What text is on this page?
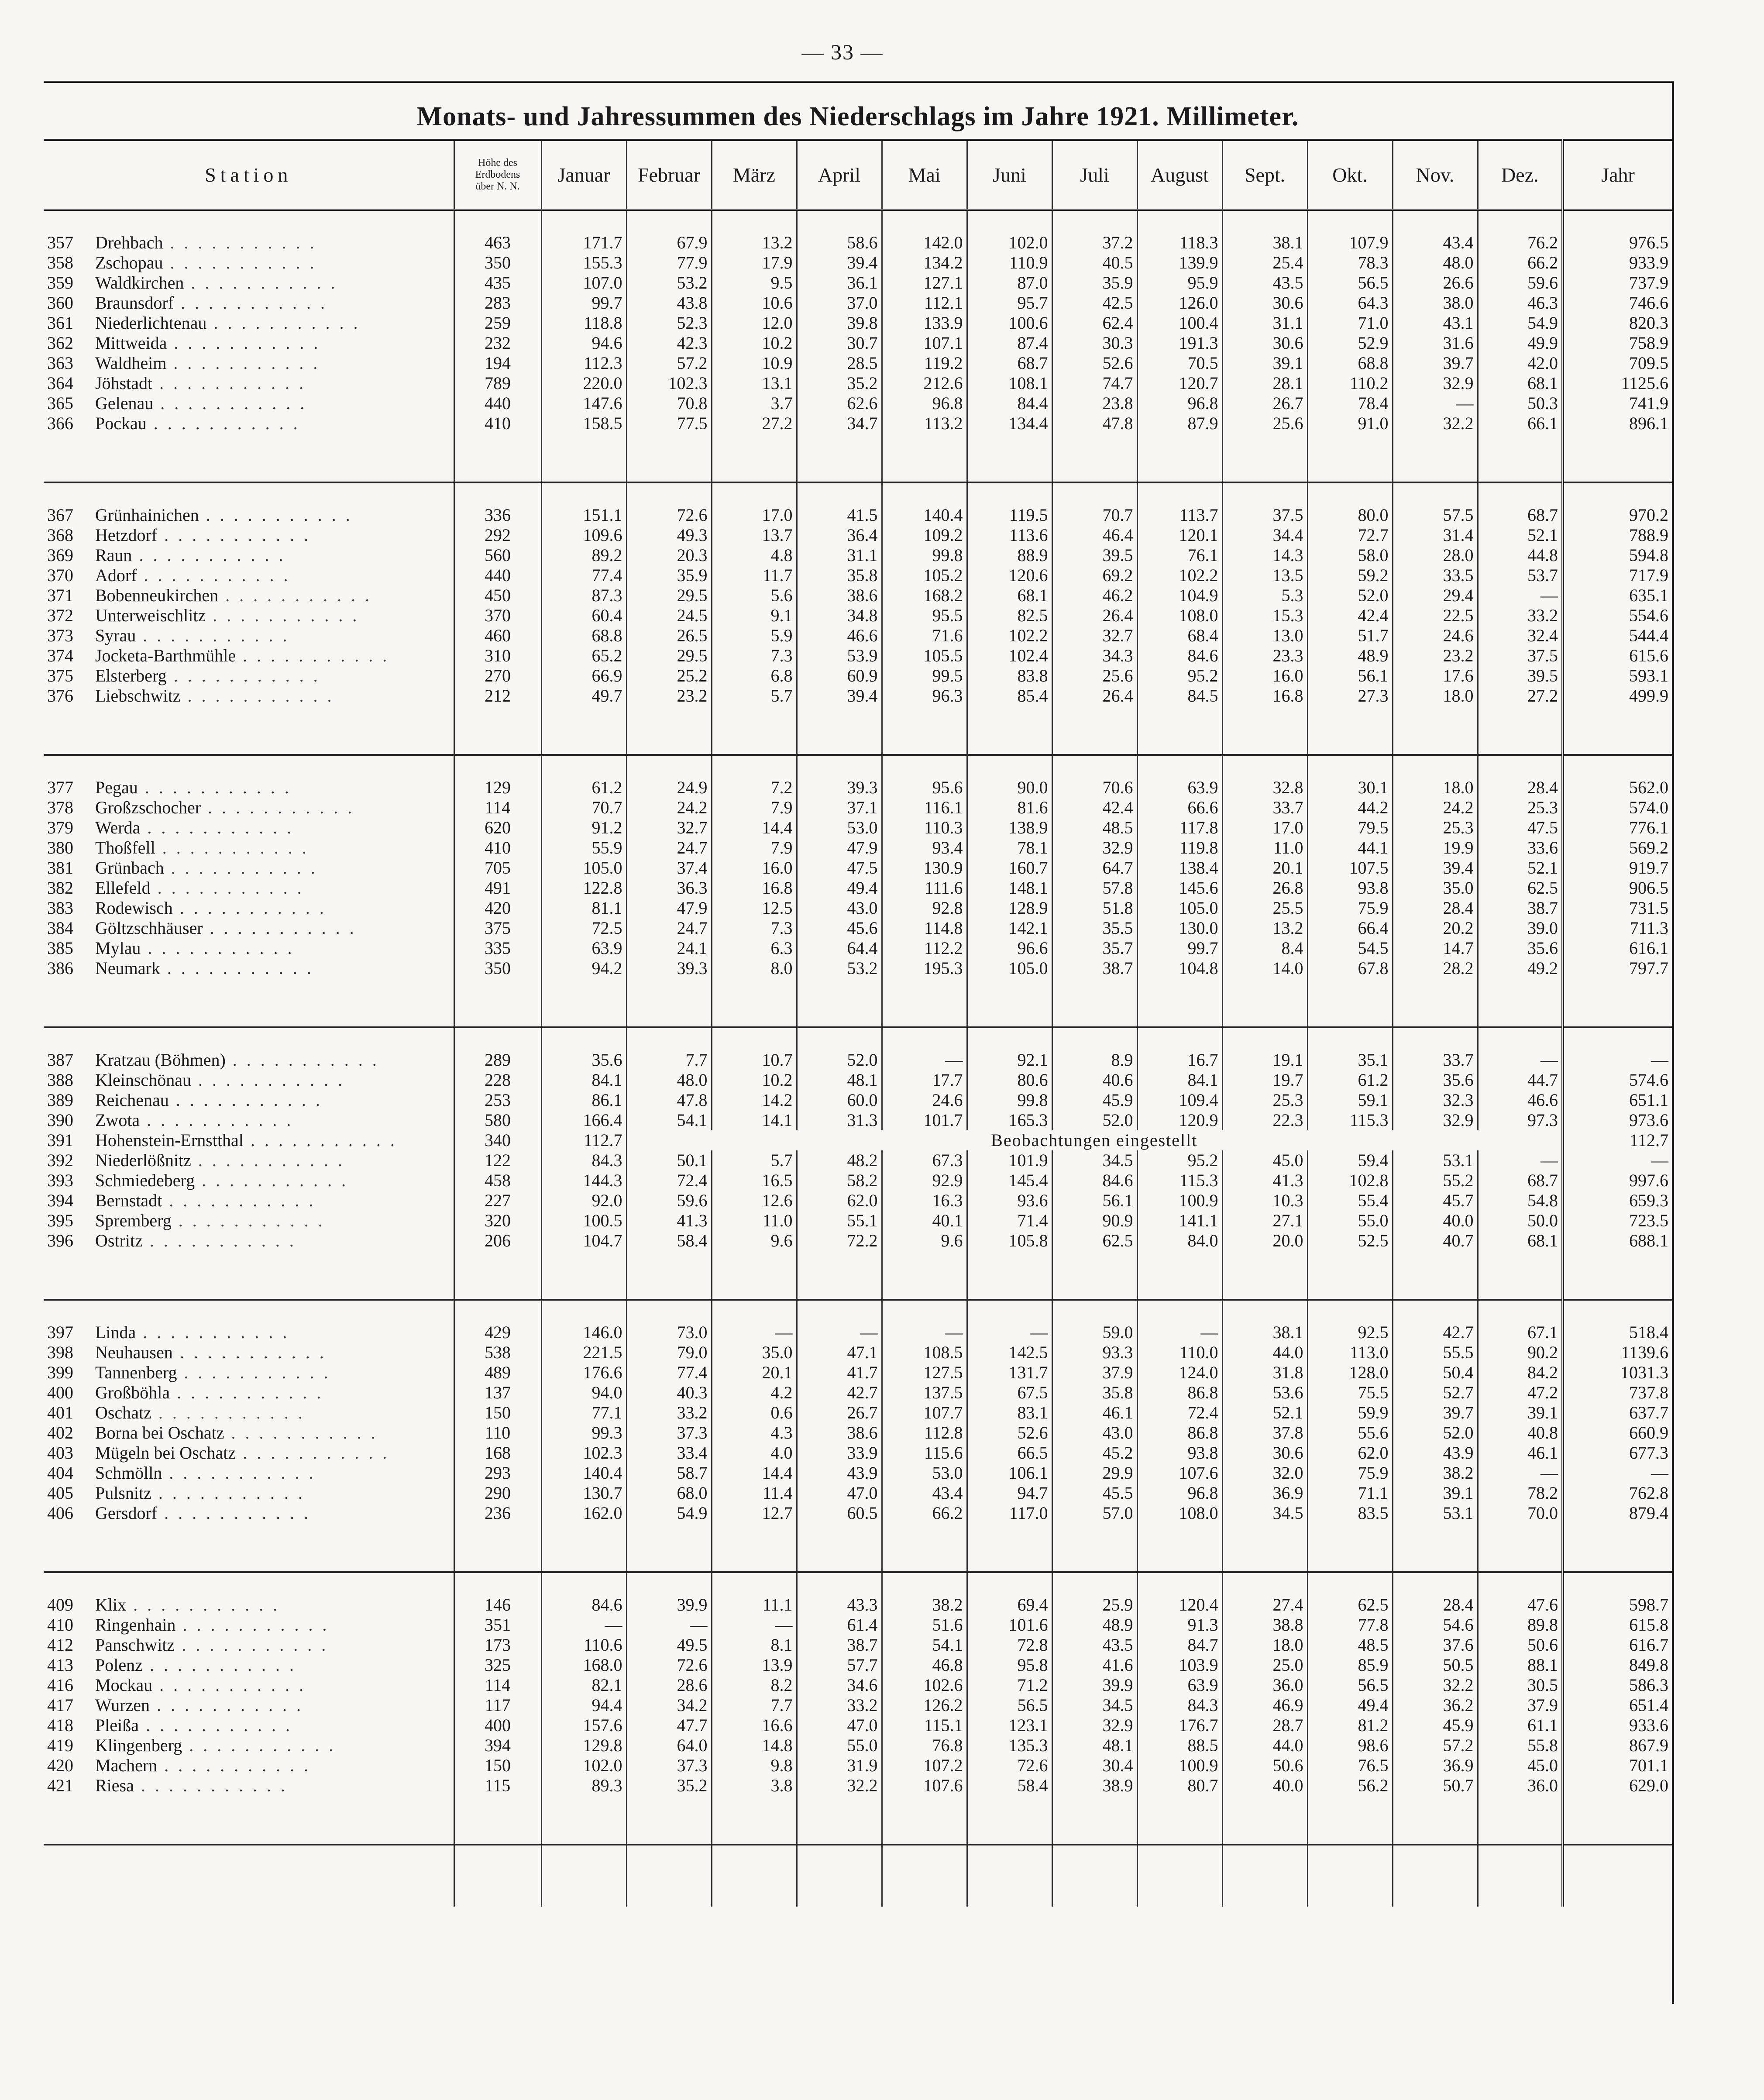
— 33 —
Monats- und Jahressummen des Niederschlags im Jahre 1921. Millimeter.
Station	Höhe des
Erdbodens
über N. N.	Januar	Februar	März	April	Mai	Juni	Juli	August	Sept.	Okt.	Nov.	Dez.	Jahr

357 Drehbach . . . . . . . . . . .	463	171.7	67.9	13.2	58.6	142.0	102.0	37.2	118.3	38.1	107.9	43.4	76.2	976.5
358 Zschopau . . . . . . . . . . .	350	155.3	77.9	17.9	39.4	134.2	110.9	40.5	139.9	25.4	78.3	48.0	66.2	933.9
359 Waldkirchen . . . . . . . . . . .	435	107.0	53.2	9.5	36.1	127.1	87.0	35.9	95.9	43.5	56.5	26.6	59.6	737.9
360 Braunsdorf . . . . . . . . . . .	283	99.7	43.8	10.6	37.0	112.1	95.7	42.5	126.0	30.6	64.3	38.0	46.3	746.6
361 Niederlichtenau . . . . . . . . . . .	259	118.8	52.3	12.0	39.8	133.9	100.6	62.4	100.4	31.1	71.0	43.1	54.9	820.3
362 Mittweida . . . . . . . . . . .	232	94.6	42.3	10.2	30.7	107.1	87.4	30.3	191.3	30.6	52.9	31.6	49.9	758.9
363 Waldheim . . . . . . . . . . .	194	112.3	57.2	10.9	28.5	119.2	68.7	52.6	70.5	39.1	68.8	39.7	42.0	709.5
364 Jöhstadt . . . . . . . . . . .	789	220.0	102.3	13.1	35.2	212.6	108.1	74.7	120.7	28.1	110.2	32.9	68.1	1125.6
365 Gelenau . . . . . . . . . . .	440	147.6	70.8	3.7	62.6	96.8	84.4	23.8	96.8	26.7	78.4	—	50.3	741.9
366 Pockau . . . . . . . . . . .	410	158.5	77.5	27.2	34.7	113.2	134.4	47.8	87.9	25.6	91.0	32.2	66.1	896.1

367 Grünhainichen . . . . . . . . . . .	336	151.1	72.6	17.0	41.5	140.4	119.5	70.7	113.7	37.5	80.0	57.5	68.7	970.2
368 Hetzdorf . . . . . . . . . . .	292	109.6	49.3	13.7	36.4	109.2	113.6	46.4	120.1	34.4	72.7	31.4	52.1	788.9
369 Raun . . . . . . . . . . .	560	89.2	20.3	4.8	31.1	99.8	88.9	39.5	76.1	14.3	58.0	28.0	44.8	594.8
370 Adorf . . . . . . . . . . .	440	77.4	35.9	11.7	35.8	105.2	120.6	69.2	102.2	13.5	59.2	33.5	53.7	717.9
371 Bobenneukirchen . . . . . . . . . . .	450	87.3	29.5	5.6	38.6	168.2	68.1	46.2	104.9	5.3	52.0	29.4	—	635.1
372 Unterweischlitz . . . . . . . . . . .	370	60.4	24.5	9.1	34.8	95.5	82.5	26.4	108.0	15.3	42.4	22.5	33.2	554.6
373 Syrau . . . . . . . . . . .	460	68.8	26.5	5.9	46.6	71.6	102.2	32.7	68.4	13.0	51.7	24.6	32.4	544.4
374 Jocketa-Barthmühle . . . . . . . . . . .	310	65.2	29.5	7.3	53.9	105.5	102.4	34.3	84.6	23.3	48.9	23.2	37.5	615.6
375 Elsterberg . . . . . . . . . . .	270	66.9	25.2	6.8	60.9	99.5	83.8	25.6	95.2	16.0	56.1	17.6	39.5	593.1
376 Liebschwitz . . . . . . . . . . .	212	49.7	23.2	5.7	39.4	96.3	85.4	26.4	84.5	16.8	27.3	18.0	27.2	499.9

377 Pegau . . . . . . . . . . .	129	61.2	24.9	7.2	39.3	95.6	90.0	70.6	63.9	32.8	30.1	18.0	28.4	562.0
378 Großzschocher . . . . . . . . . . .	114	70.7	24.2	7.9	37.1	116.1	81.6	42.4	66.6	33.7	44.2	24.2	25.3	574.0
379 Werda . . . . . . . . . . .	620	91.2	32.7	14.4	53.0	110.3	138.9	48.5	117.8	17.0	79.5	25.3	47.5	776.1
380 Thoßfell . . . . . . . . . . .	410	55.9	24.7	7.9	47.9	93.4	78.1	32.9	119.8	11.0	44.1	19.9	33.6	569.2
381 Grünbach . . . . . . . . . . .	705	105.0	37.4	16.0	47.5	130.9	160.7	64.7	138.4	20.1	107.5	39.4	52.1	919.7
382 Ellefeld . . . . . . . . . . .	491	122.8	36.3	16.8	49.4	111.6	148.1	57.8	145.6	26.8	93.8	35.0	62.5	906.5
383 Rodewisch . . . . . . . . . . .	420	81.1	47.9	12.5	43.0	92.8	128.9	51.8	105.0	25.5	75.9	28.4	38.7	731.5
384 Göltzschhäuser . . . . . . . . . . .	375	72.5	24.7	7.3	45.6	114.8	142.1	35.5	130.0	13.2	66.4	20.2	39.0	711.3
385 Mylau . . . . . . . . . . .	335	63.9	24.1	6.3	64.4	112.2	96.6	35.7	99.7	8.4	54.5	14.7	35.6	616.1
386 Neumark . . . . . . . . . . .	350	94.2	39.3	8.0	53.2	195.3	105.0	38.7	104.8	14.0	67.8	28.2	49.2	797.7

387 Kratzau (Böhmen) . . . . . . . . . . .	289	35.6	7.7	10.7	52.0	—	92.1	8.9	16.7	19.1	35.1	33.7	—	—
388 Kleinschönau . . . . . . . . . . .	228	84.1	48.0	10.2	48.1	17.7	80.6	40.6	84.1	19.7	61.2	35.6	44.7	574.6
389 Reichenau . . . . . . . . . . .	253	86.1	47.8	14.2	60.0	24.6	99.8	45.9	109.4	25.3	59.1	32.3	46.6	651.1
390 Zwota . . . . . . . . . . .	580	166.4	54.1	14.1	31.3	101.7	165.3	52.0	120.9	22.3	115.3	32.9	97.3	973.6
391 Hohenstein-Ernstthal . . . . . . . . . . .	340	112.7	Beobachtungen eingestellt											112.7
392 Niederlößnitz . . . . . . . . . . .	122	84.3	50.1	5.7	48.2	67.3	101.9	34.5	95.2	45.0	59.4	53.1	—	—
393 Schmiedeberg . . . . . . . . . . .	458	144.3	72.4	16.5	58.2	92.9	145.4	84.6	115.3	41.3	102.8	55.2	68.7	997.6
394 Bernstadt . . . . . . . . . . .	227	92.0	59.6	12.6	62.0	16.3	93.6	56.1	100.9	10.3	55.4	45.7	54.8	659.3
395 Spremberg . . . . . . . . . . .	320	100.5	41.3	11.0	55.1	40.1	71.4	90.9	141.1	27.1	55.0	40.0	50.0	723.5
396 Ostritz . . . . . . . . . . .	206	104.7	58.4	9.6	72.2	9.6	105.8	62.5	84.0	20.0	52.5	40.7	68.1	688.1

397 Linda . . . . . . . . . . .	429	146.0	73.0	—	—	—	—	59.0	—	38.1	92.5	42.7	67.1	518.4
398 Neuhausen . . . . . . . . . . .	538	221.5	79.0	35.0	47.1	108.5	142.5	93.3	110.0	44.0	113.0	55.5	90.2	1139.6
399 Tannenberg . . . . . . . . . . .	489	176.6	77.4	20.1	41.7	127.5	131.7	37.9	124.0	31.8	128.0	50.4	84.2	1031.3
400 Großböhla . . . . . . . . . . .	137	94.0	40.3	4.2	42.7	137.5	67.5	35.8	86.8	53.6	75.5	52.7	47.2	737.8
401 Oschatz . . . . . . . . . . .	150	77.1	33.2	0.6	26.7	107.7	83.1	46.1	72.4	52.1	59.9	39.7	39.1	637.7
402 Borna bei Oschatz . . . . . . . . . . .	110	99.3	37.3	4.3	38.6	112.8	52.6	43.0	86.8	37.8	55.6	52.0	40.8	660.9
403 Mügeln bei Oschatz . . . . . . . . . . .	168	102.3	33.4	4.0	33.9	115.6	66.5	45.2	93.8	30.6	62.0	43.9	46.1	677.3
404 Schmölln . . . . . . . . . . .	293	140.4	58.7	14.4	43.9	53.0	106.1	29.9	107.6	32.0	75.9	38.2	—	—
405 Pulsnitz . . . . . . . . . . .	290	130.7	68.0	11.4	47.0	43.4	94.7	45.5	96.8	36.9	71.1	39.1	78.2	762.8
406 Gersdorf . . . . . . . . . . .	236	162.0	54.9	12.7	60.5	66.2	117.0	57.0	108.0	34.5	83.5	53.1	70.0	879.4

409 Klix . . . . . . . . . . .	146	84.6	39.9	11.1	43.3	38.2	69.4	25.9	120.4	27.4	62.5	28.4	47.6	598.7
410 Ringenhain . . . . . . . . . . .	351	—	—	—	61.4	51.6	101.6	48.9	91.3	38.8	77.8	54.6	89.8	615.8
412 Panschwitz . . . . . . . . . . .	173	110.6	49.5	8.1	38.7	54.1	72.8	43.5	84.7	18.0	48.5	37.6	50.6	616.7
413 Polenz . . . . . . . . . . .	325	168.0	72.6	13.9	57.7	46.8	95.8	41.6	103.9	25.0	85.9	50.5	88.1	849.8
416 Mockau . . . . . . . . . . .	114	82.1	28.6	8.2	34.6	102.6	71.2	39.9	63.9	36.0	56.5	32.2	30.5	586.3
417 Wurzen . . . . . . . . . . .	117	94.4	34.2	7.7	33.2	126.2	56.5	34.5	84.3	46.9	49.4	36.2	37.9	651.4
418 Pleißa . . . . . . . . . . .	400	157.6	47.7	16.6	47.0	115.1	123.1	32.9	176.7	28.7	81.2	45.9	61.1	933.6
419 Klingenberg . . . . . . . . . . .	394	129.8	64.0	14.8	55.0	76.8	135.3	48.1	88.5	44.0	98.6	57.2	55.8	867.9
420 Machern . . . . . . . . . . .	150	102.0	37.3	9.8	31.9	107.2	72.6	30.4	100.9	50.6	76.5	36.9	45.0	701.1
421 Riesa . . . . . . . . . . .	115	89.3	35.2	3.8	32.2	107.6	58.4	38.9	80.7	40.0	56.2	50.7	36.0	629.0
